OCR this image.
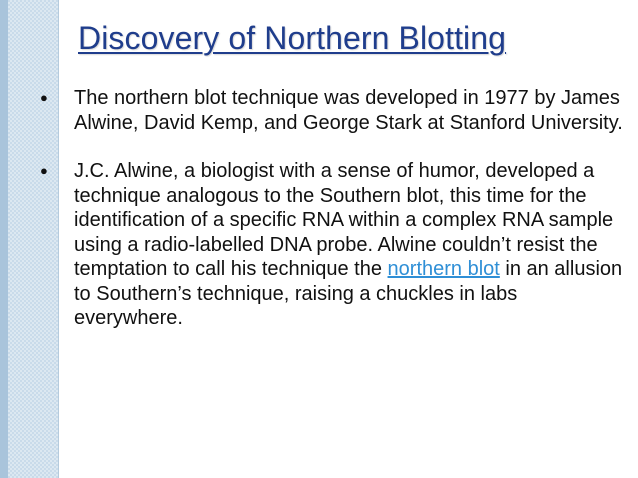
Discovery of Northern Blotting
● The northern blot technique was developed in 1977 by James Alwine, David Kemp, and George Stark at Stanford University.
● J.C. Alwine, a biologist with a sense of humor, developed a technique analogous to the Southern blot, this time for the identification of a specific RNA within a complex RNA sample using a radio-labelled DNA probe. Alwine couldn’t resist the temptation to call his technique the northern blot in an allusion to Southern’s technique, raising a chuckles in labs everywhere.
